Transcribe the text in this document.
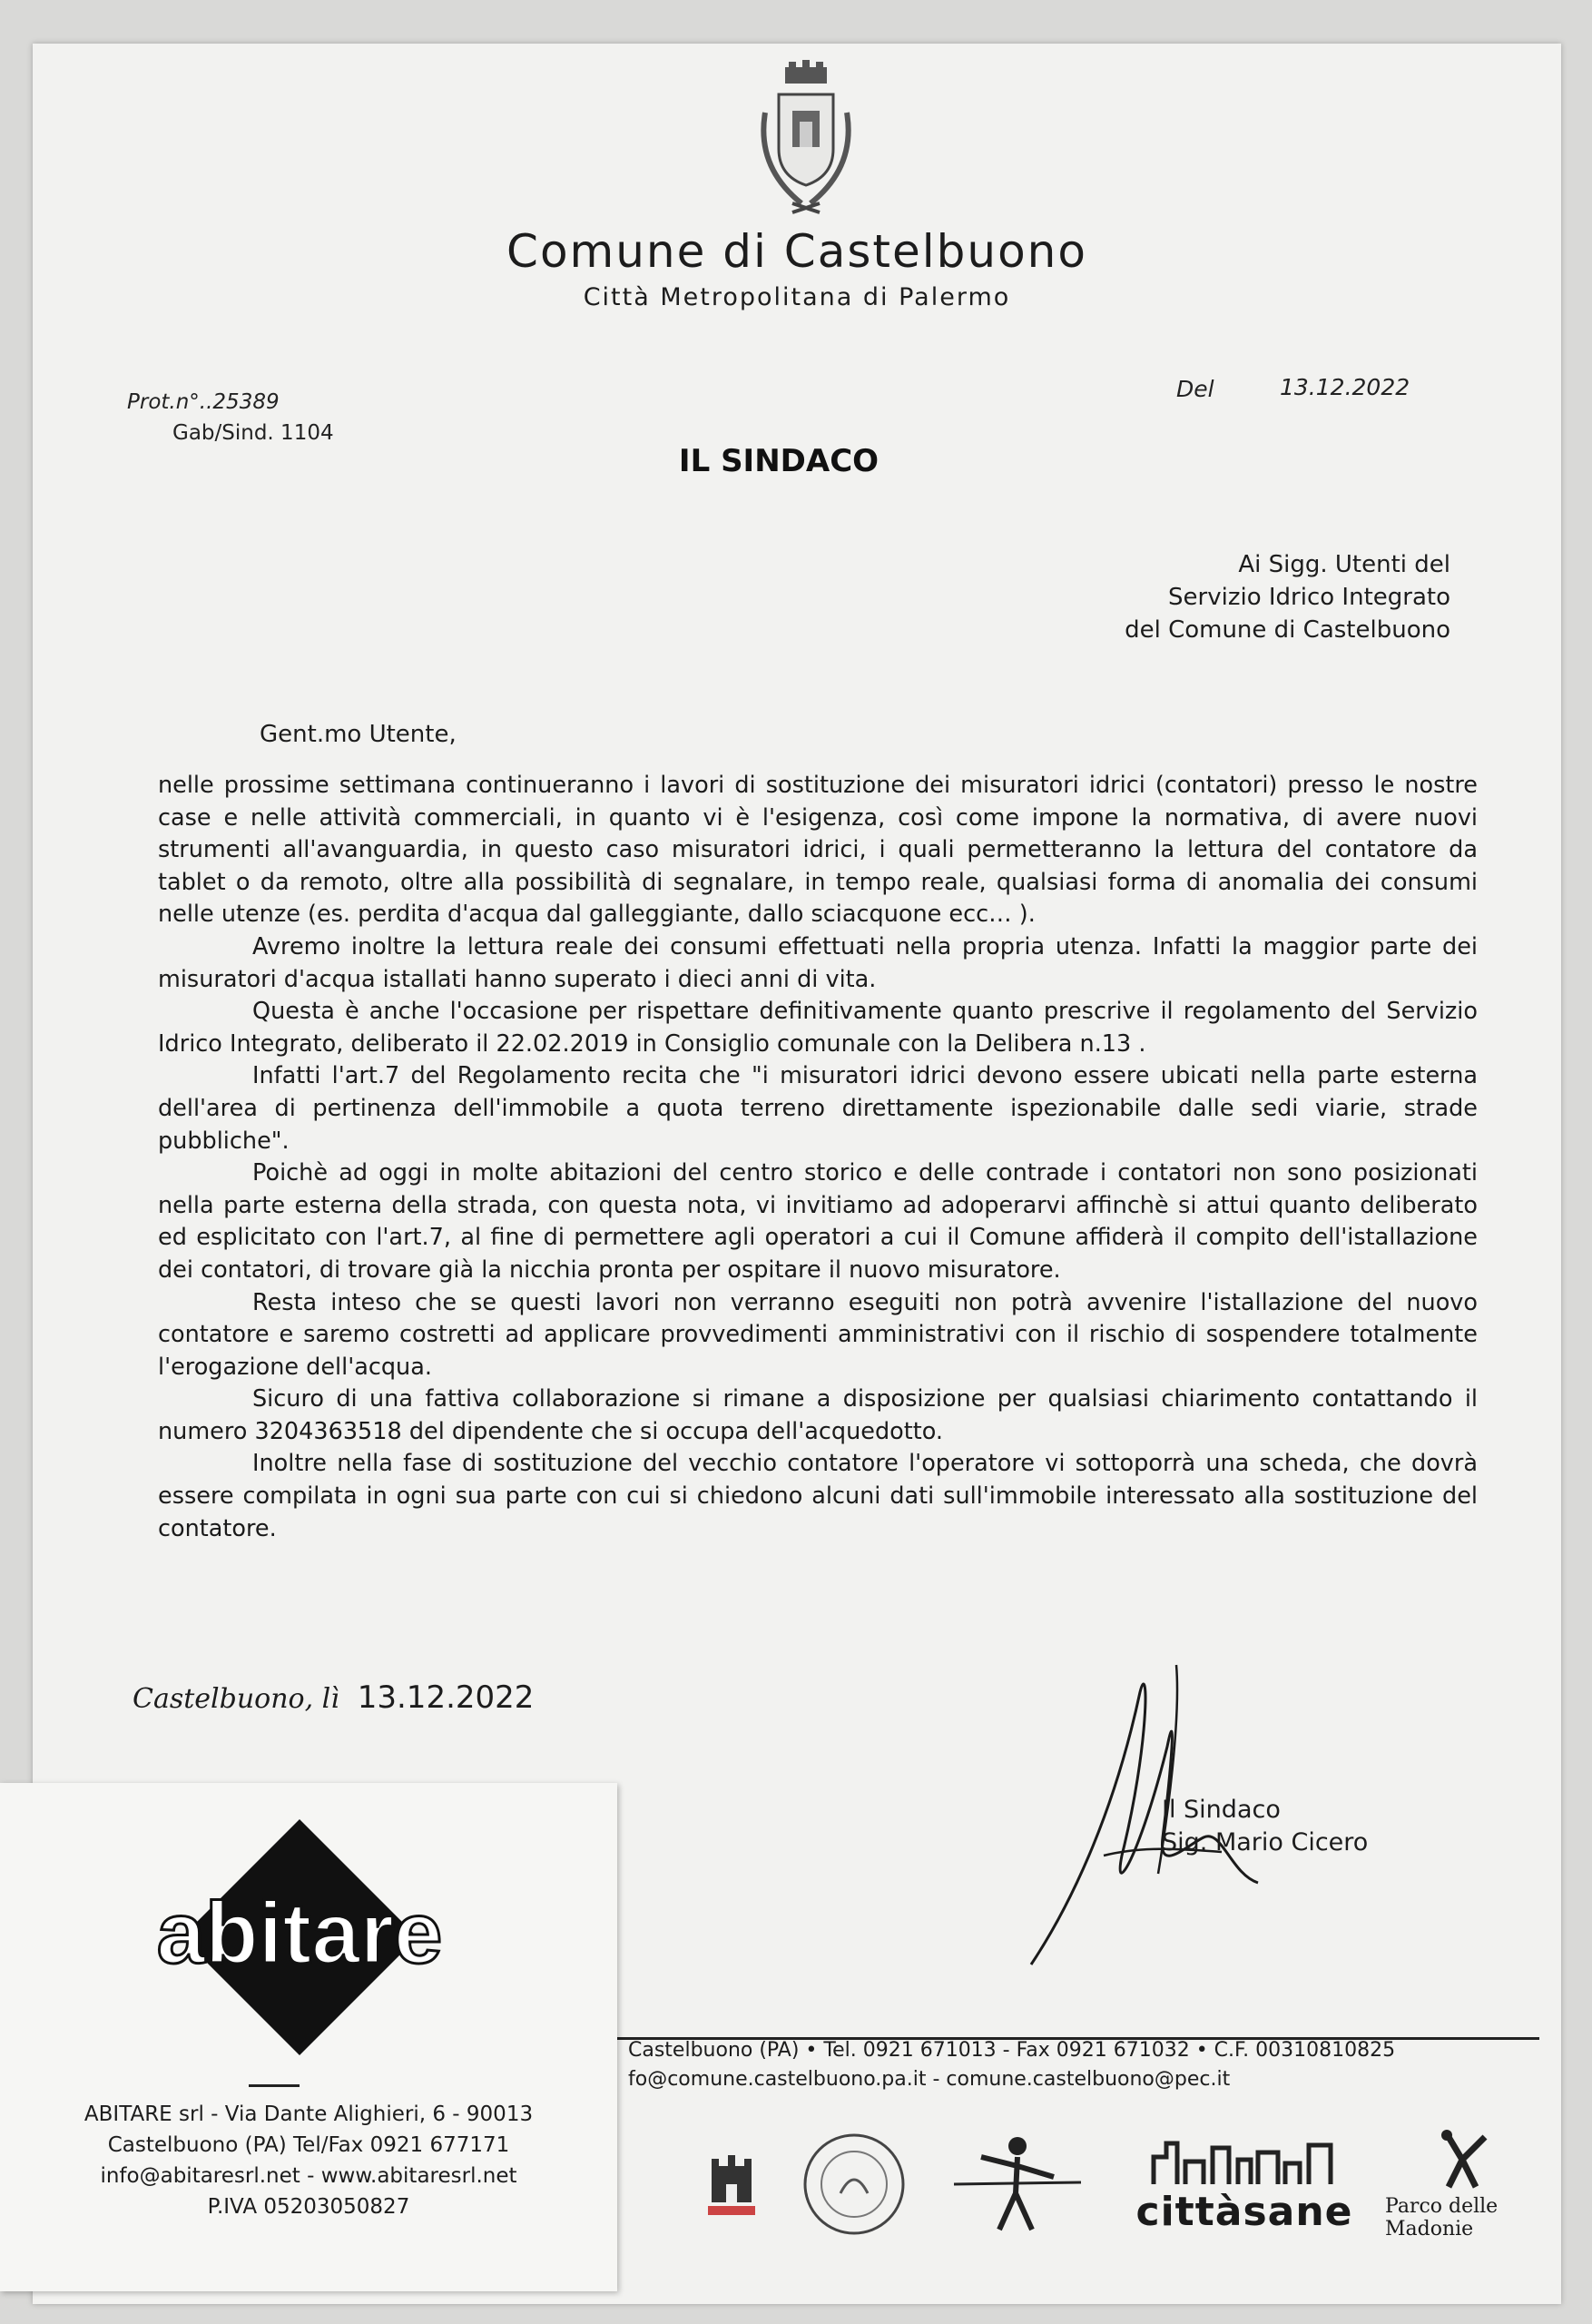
Comune di Castelbuono
Città Metropolitana di Palermo
Prot.n°..25389
Gab/Sind. 1104
Del	13.12.2022
IL SINDACO
Ai Sigg. Utenti del
Servizio Idrico Integrato
del Comune di Castelbuono
Gent.mo Utente,

nelle prossime settimana continueranno i lavori di sostituzione dei misuratori idrici (contatori) presso le nostre case e nelle attività commerciali, in quanto vi è l'esigenza, così come impone la normativa, di avere nuovi strumenti all'avanguardia, in questo caso misuratori idrici, i quali permetteranno la lettura del contatore da tablet o da remoto, oltre alla possibilità di segnalare, in tempo reale, qualsiasi forma di anomalia dei consumi nelle utenze (es. perdita d'acqua dal galleggiante, dallo sciacquone ecc… ).

Avremo inoltre la lettura reale dei consumi effettuati nella propria utenza. Infatti la maggior parte dei misuratori d'acqua istallati hanno superato i dieci anni di vita.

Questa è anche l'occasione per rispettare definitivamente quanto prescrive il regolamento del Servizio Idrico Integrato, deliberato il 22.02.2019 in Consiglio comunale con la Delibera n.13 .

Infatti l'art.7 del Regolamento recita che "i misuratori idrici devono essere ubicati nella parte esterna dell'area di pertinenza dell'immobile a quota terreno direttamente ispezionabile dalle sedi viarie, strade pubbliche".

Poichè ad oggi in molte abitazioni del centro storico e delle contrade i contatori non sono posizionati nella parte esterna della strada, con questa nota, vi invitiamo ad adoperarvi affinchè si attui quanto deliberato ed esplicitato con l'art.7, al fine di permettere agli operatori a cui il Comune affiderà il compito dell'istallazione dei contatori, di trovare già la nicchia pronta per ospitare il nuovo misuratore.

Resta inteso che se questi lavori non verranno eseguiti non potrà avvenire l'istallazione del nuovo contatore e saremo costretti ad applicare provvedimenti amministrativi con il rischio di sospendere totalmente l'erogazione dell'acqua.

Sicuro di una fattiva collaborazione si rimane a disposizione per qualsiasi chiarimento contattando il numero 3204363518 del dipendente che si occupa dell'acquedotto.

Inoltre nella fase di sostituzione del vecchio contatore l'operatore vi sottoporrà una scheda, che dovrà essere compilata in ogni sua parte con cui si chiedono alcuni dati sull'immobile interessato alla sostituzione del contatore.

Castelbuono, lì 13.12.2022
Il Sindaco
Sig. Mario Cicero
Castelbuono (PA) • Tel. 0921 671013 - Fax 0921 671032 • C.F. 00310810825
fo@comune.castelbuono.pa.it - comune.castelbuono@pec.it
cittàsane Parco delle Madonie
abitare
ABITARE srl - Via Dante Alighieri, 6 - 90013
Castelbuono (PA) Tel/Fax 0921 677171
info@abitaresrl.net - www.abitaresrl.net
P.IVA 05203050827
